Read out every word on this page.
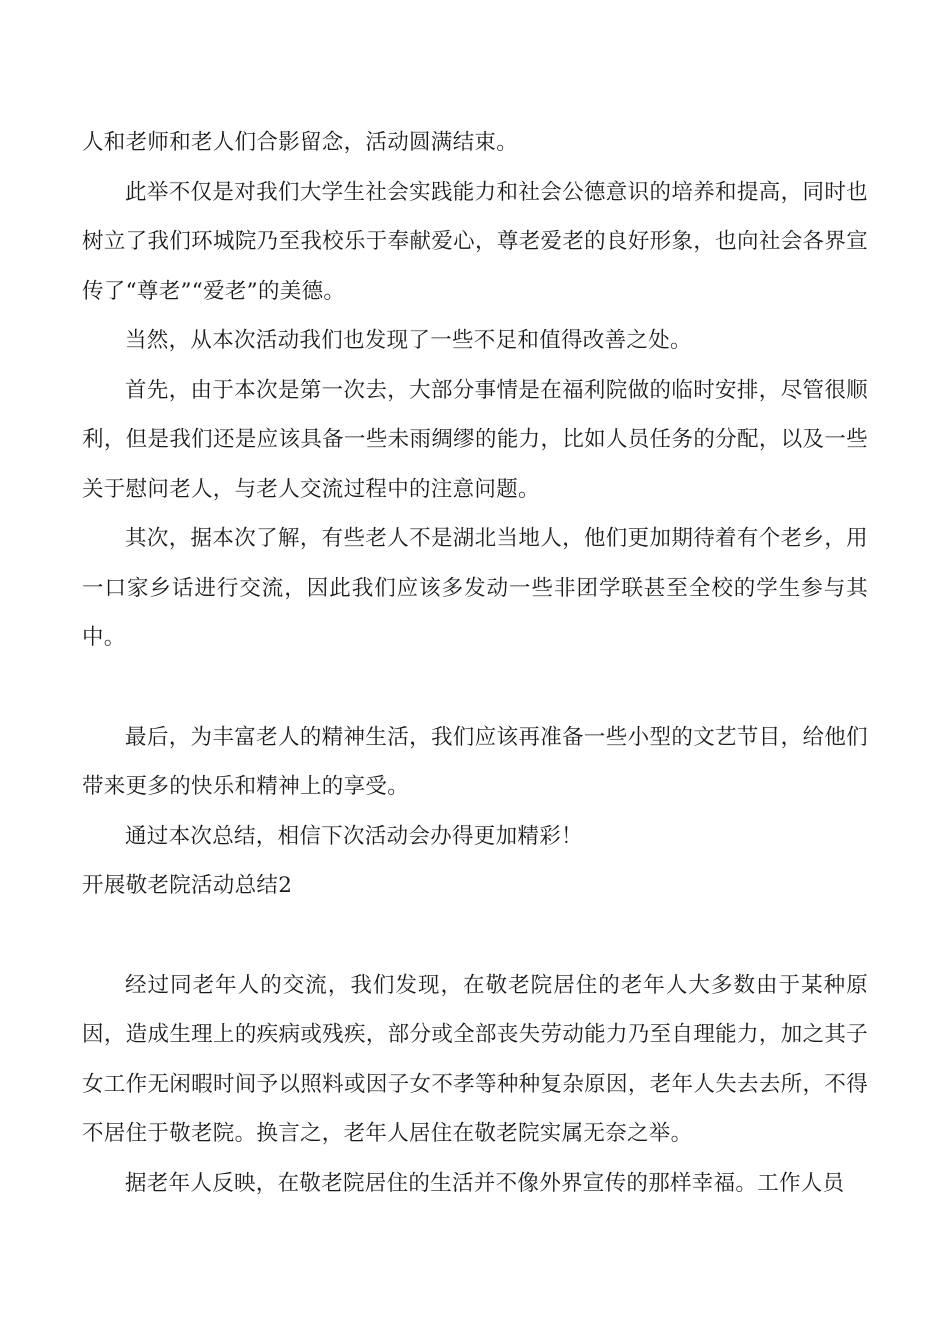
人和老师和老人们合影留念，活动圆满结束。

此举不仅是对我们大学生社会实践能力和社会公德意识的培养和提高，同时也树立了我们环城院乃至我校乐于奉献爱心，尊老爱老的良好形象，也向社会各界宣传了“尊老”“爱老”的美德。

当然，从本次活动我们也发现了一些不足和值得改善之处。

首先，由于本次是第一次去，大部分事情是在福利院做的临时安排，尽管很顺利，但是我们还是应该具备一些未雨绸缪的能力，比如人员任务的分配，以及一些关于慰问老人，与老人交流过程中的注意问题。

其次，据本次了解，有些老人不是湖北当地人，他们更加期待着有个老乡，用一口家乡话进行交流，因此我们应该多发动一些非团学联甚至全校的学生参与其中。

最后，为丰富老人的精神生活，我们应该再准备一些小型的文艺节目，给他们带来更多的快乐和精神上的享受。

通过本次总结，相信下次活动会办得更加精彩！

开展敬老院活动总结2

经过同老年人的交流，我们发现，在敬老院居住的老年人大多数由于某种原因，造成生理上的疾病或残疾，部分或全部丧失劳动能力乃至自理能力，加之其子女工作无闲暇时间予以照料或因子女不孝等种种复杂原因，老年人失去去所，不得不居住于敬老院。换言之，老年人居住在敬老院实属无奈之举。

据老年人反映，在敬老院居住的生活并不像外界宣传的那样幸福。工作人员
